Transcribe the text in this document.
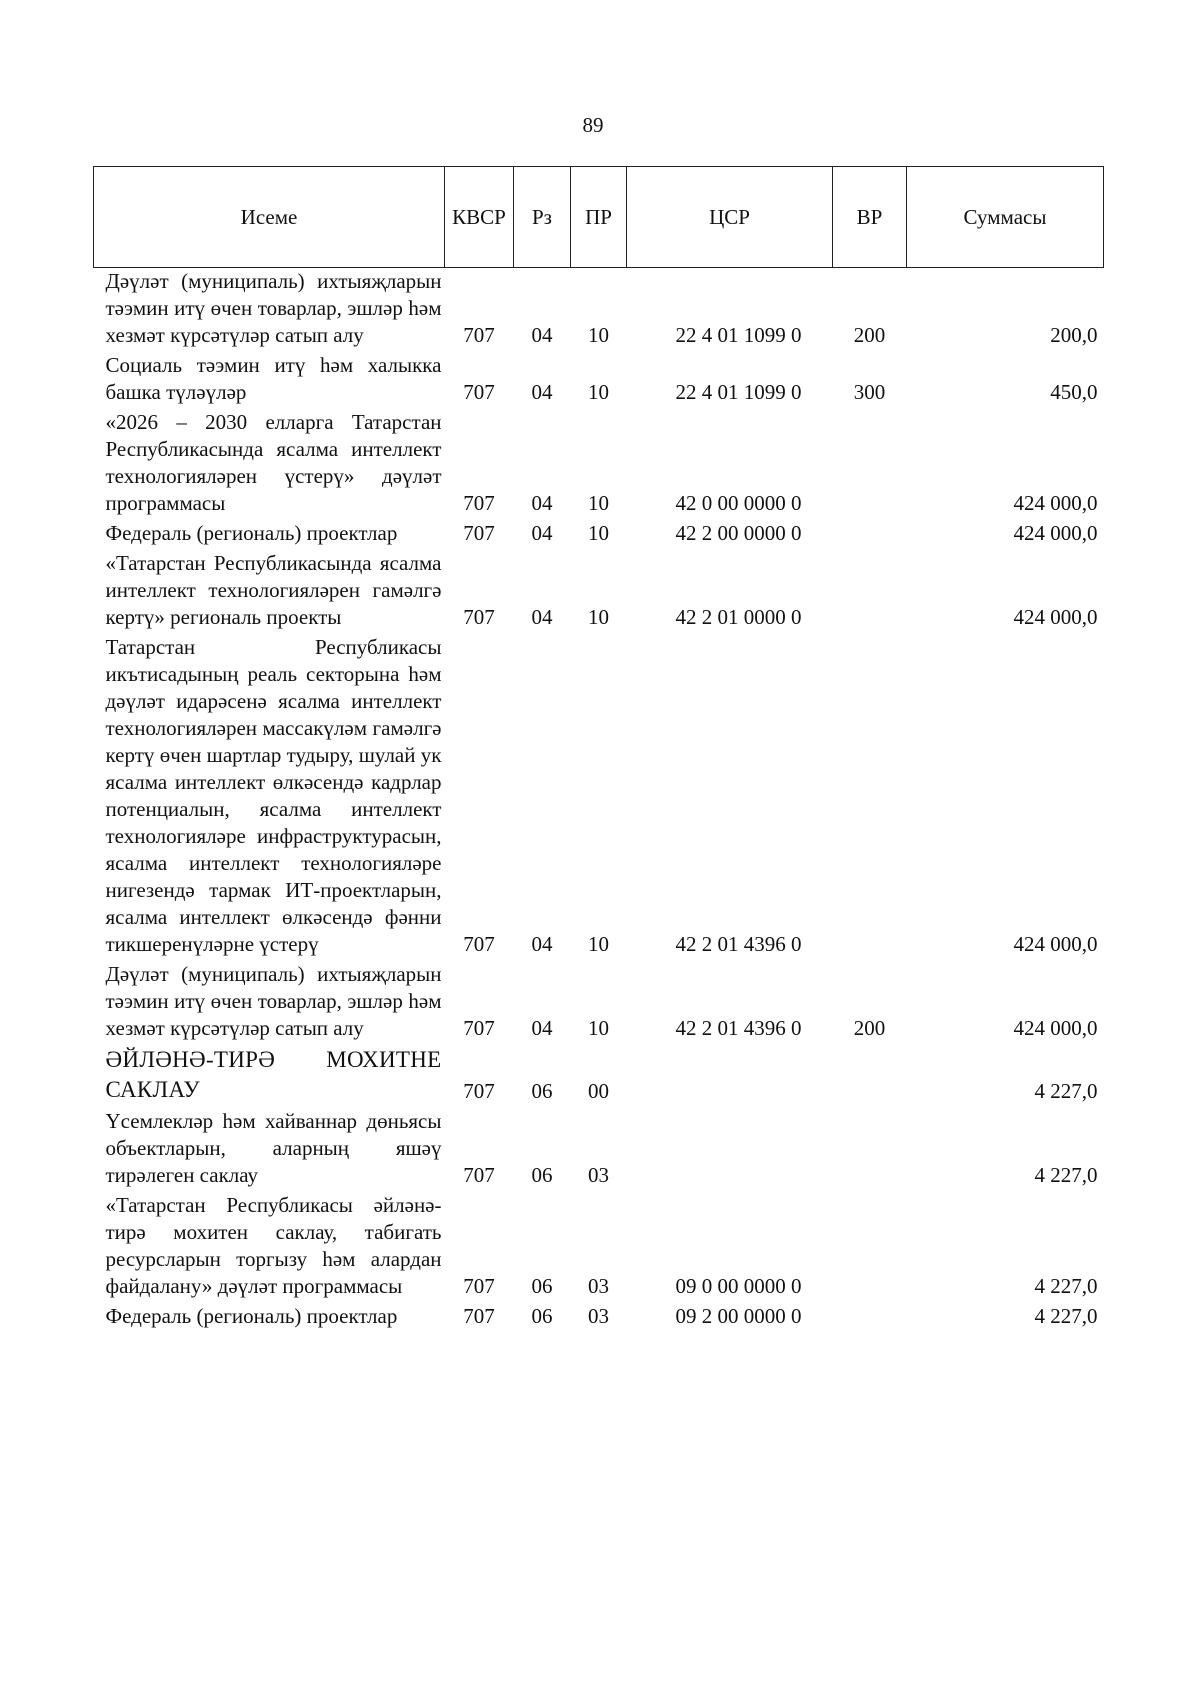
89
Исеме	КВСР	Рз	ПР	ЦСР	ВР	Суммасы
Дәүләт (муниципаль) ихтыяҗларын тәэмин итү өчен товарлар, эшләр һәм хезмәт күрсәтүләр сатып алу	707	04	10	22 4 01 1099 0	200	200,0
Социаль тәэмин итү һәм халыкка башка түләүләр	707	04	10	22 4 01 1099 0	300	450,0
«2026 – 2030 елларга Татарстан Республикасында ясалма интеллект технологияләрен үстерү» дәүләт программасы	707	04	10	42 0 00 0000 0		424 000,0
Федераль (региональ) проектлар	707	04	10	42 2 00 0000 0		424 000,0
«Татарстан Республикасында ясалма интеллект технологияләрен гамәлгә кертү» региональ проекты	707	04	10	42 2 01 0000 0		424 000,0
Татарстан Республикасы икътисадының реаль секторына һәм дәүләт идарәсенә ясалма интеллект технологияләрен массакүләм гамәлгә кертү өчен шартлар тудыру, шулай ук ясалма интеллект өлкәсендә кадрлар потенциалын, ясалма интеллект технологияләре инфраструктурасын, ясалма интеллект технологияләре нигезендә тармак ИТ-проектларын, ясалма интеллект өлкәсендә фәнни тикшеренүләрне үстерү	707	04	10	42 2 01 4396 0		424 000,0
Дәүләт (муниципаль) ихтыяҗларын тәэмин итү өчен товарлар, эшләр һәм хезмәт күрсәтүләр сатып алу	707	04	10	42 2 01 4396 0	200	424 000,0
ӘЙЛӘНӘ-ТИРӘ МОХИТНЕ САКЛАУ	707	06	00			4 227,0
Үсемлекләр һәм хайваннар дөньясы объектларын, аларның яшәү тирәлеген саклау	707	06	03			4 227,0
«Татарстан Республикасы әйләнә-тирә мохитен саклау, табигать ресурсларын торгызу һәм алардан файдалану» дәүләт программасы	707	06	03	09 0 00 0000 0		4 227,0
Федераль (региональ) проектлар	707	06	03	09 2 00 0000 0		4 227,0
